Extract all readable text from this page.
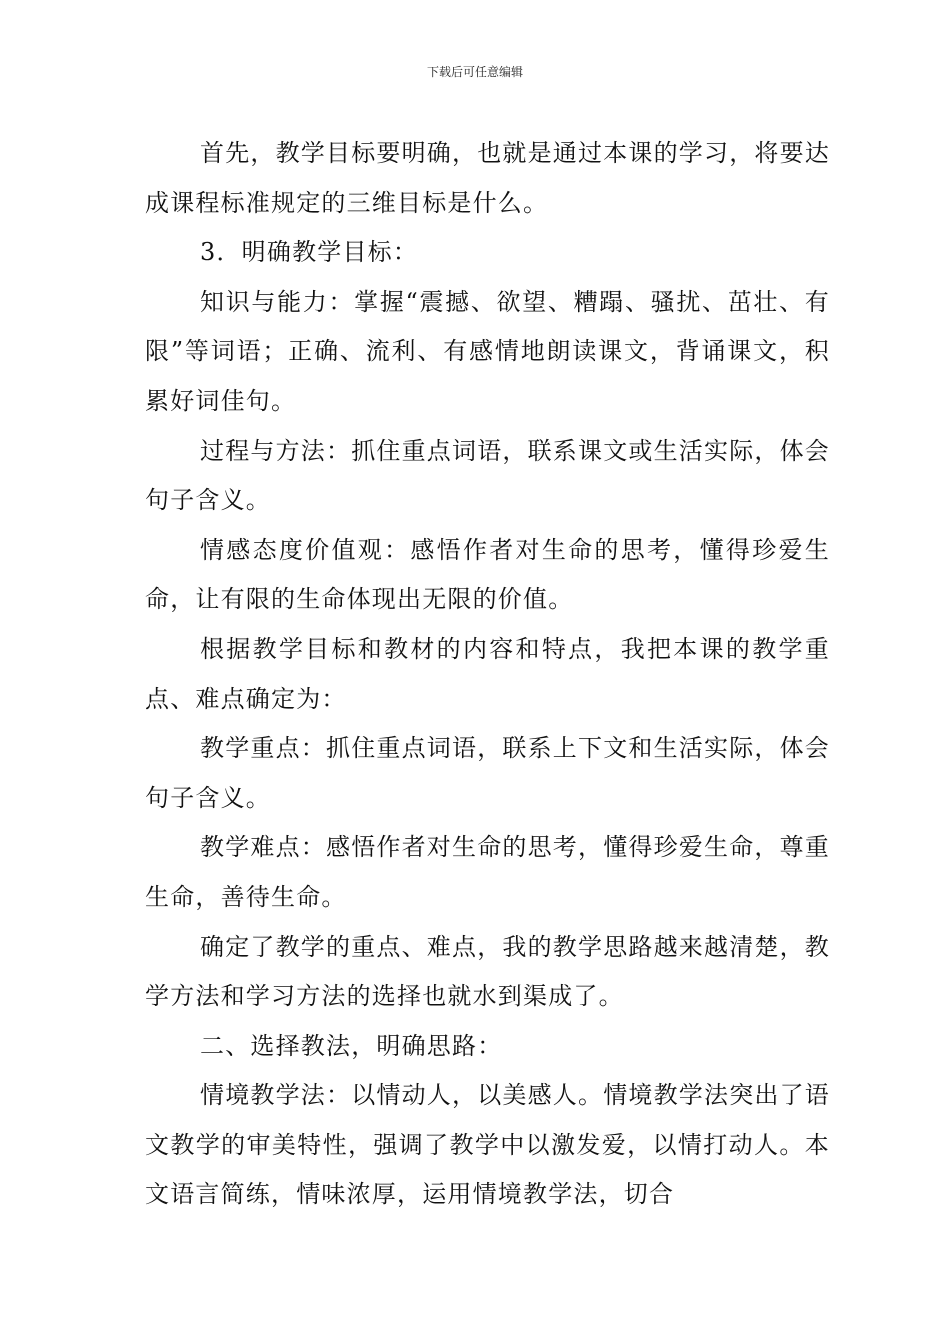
下载后可任意编辑

首先，教学目标要明确，也就是通过本课的学习，将要达成课程标准规定的三维目标是什么。

3．明确教学目标：

知识与能力：掌握“震撼、欲望、糟蹋、骚扰、茁壮、有限”等词语；正确、流利、有感情地朗读课文，背诵课文，积累好词佳句。

过程与方法：抓住重点词语，联系课文或生活实际，体会句子含义。

情感态度价值观：感悟作者对生命的思考，懂得珍爱生命，让有限的生命体现出无限的价值。

根据教学目标和教材的内容和特点，我把本课的教学重点、难点确定为：

教学重点：抓住重点词语，联系上下文和生活实际，体会句子含义。

教学难点：感悟作者对生命的思考，懂得珍爱生命，尊重生命，善待生命。

确定了教学的重点、难点，我的教学思路越来越清楚，教学方法和学习方法的选择也就水到渠成了。

二、选择教法，明确思路：

情境教学法：以情动人，以美感人。情境教学法突出了语文教学的审美特性，强调了教学中以激发爱，以情打动人。本文语言简练，情味浓厚，运用情境教学法，切合
